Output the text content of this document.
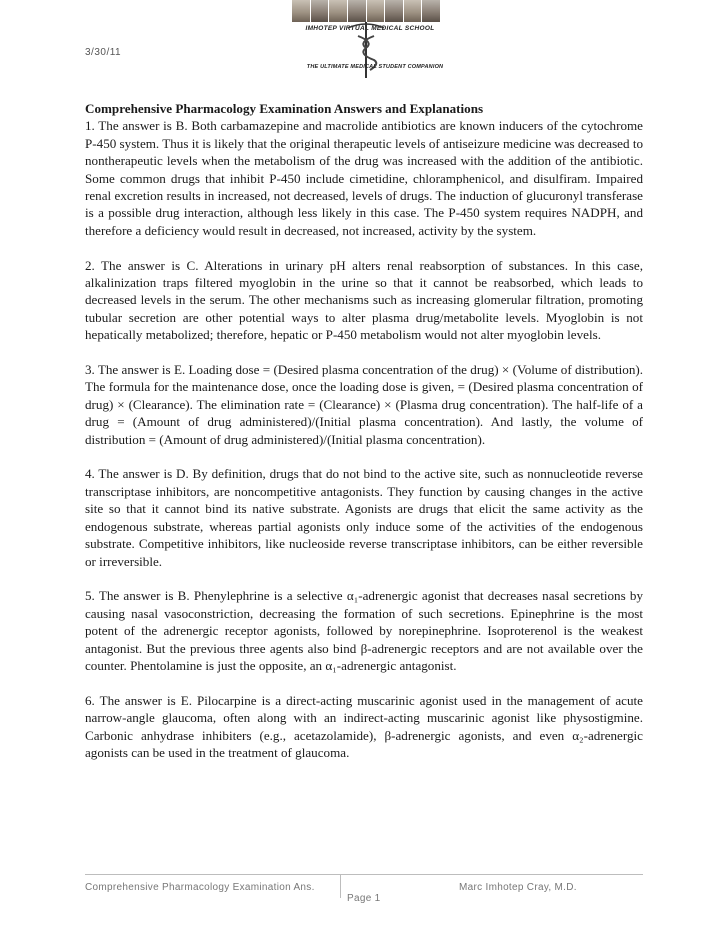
3/30/11
IMHOTEP VIRTUAL MEDICAL SCHOOL
THE ULTIMATE MEDICAL STUDENT COMPANION

Comprehensive Pharmacology Examination Answers and Explanations

1. The answer is B. Both carbamazepine and macrolide antibiotics are known inducers of the cytochrome P-450 system. Thus it is likely that the original therapeutic levels of antiseizure medicine was decreased to nontherapeutic levels when the metabolism of the drug was increased with the addition of the antibiotic. Some common drugs that inhibit P-450 include cimetidine, chloramphenicol, and disulfiram. Impaired renal excretion results in increased, not decreased, levels of drugs. The induction of glucuronyl transferase is a possible drug interaction, although less likely in this case. The P-450 system requires NADPH, and therefore a deficiency would result in decreased, not increased, activity by the system.

2. The answer is C. Alterations in urinary pH alters renal reabsorption of substances. In this case, alkalinization traps filtered myoglobin in the urine so that it cannot be reabsorbed, which leads to decreased levels in the serum. The other mechanisms such as increasing glomerular filtration, promoting tubular secretion are other potential ways to alter plasma drug/metabolite levels. Myoglobin is not hepatically metabolized; therefore, hepatic or P-450 metabolism would not alter myoglobin levels.

3. The answer is E. Loading dose = (Desired plasma concentration of the drug) × (Volume of distribution). The formula for the maintenance dose, once the loading dose is given, = (Desired plasma concentration of drug) × (Clearance). The elimination rate = (Clearance) × (Plasma drug concentration). The half-life of a drug = (Amount of drug administered)/(Initial plasma concentration). And lastly, the volume of distribution = (Amount of drug administered)/(Initial plasma concentration).

4. The answer is D. By definition, drugs that do not bind to the active site, such as nonnucleotide reverse transcriptase inhibitors, are noncompetitive antagonists. They function by causing changes in the active site so that it cannot bind its native substrate. Agonists are drugs that elicit the same activity as the endogenous substrate, whereas partial agonists only induce some of the activities of the endogenous substrate. Competitive inhibitors, like nucleoside reverse transcriptase inhibitors, can be either reversible or irreversible.

5. The answer is B. Phenylephrine is a selective α₁-adrenergic agonist that decreases nasal secretions by causing nasal vasoconstriction, decreasing the formation of such secretions. Epinephrine is the most potent of the adrenergic receptor agonists, followed by norepinephrine. Isoproterenol is the weakest antagonist. But the previous three agents also bind β-adrenergic receptors and are not available over the counter. Phentolamine is just the opposite, an α₁-adrenergic antagonist.

6. The answer is E. Pilocarpine is a direct-acting muscarinic agonist used in the management of acute narrow-angle glaucoma, often along with an indirect-acting muscarinic agonist like physostigmine. Carbonic anhydrase inhibiters (e.g., acetazolamide), β-adrenergic agonists, and even α₂-adrenergic agonists can be used in the treatment of glaucoma.

Comprehensive Pharmacology Examination Ans.	Marc Imhotep Cray, M.D.
Page 1
